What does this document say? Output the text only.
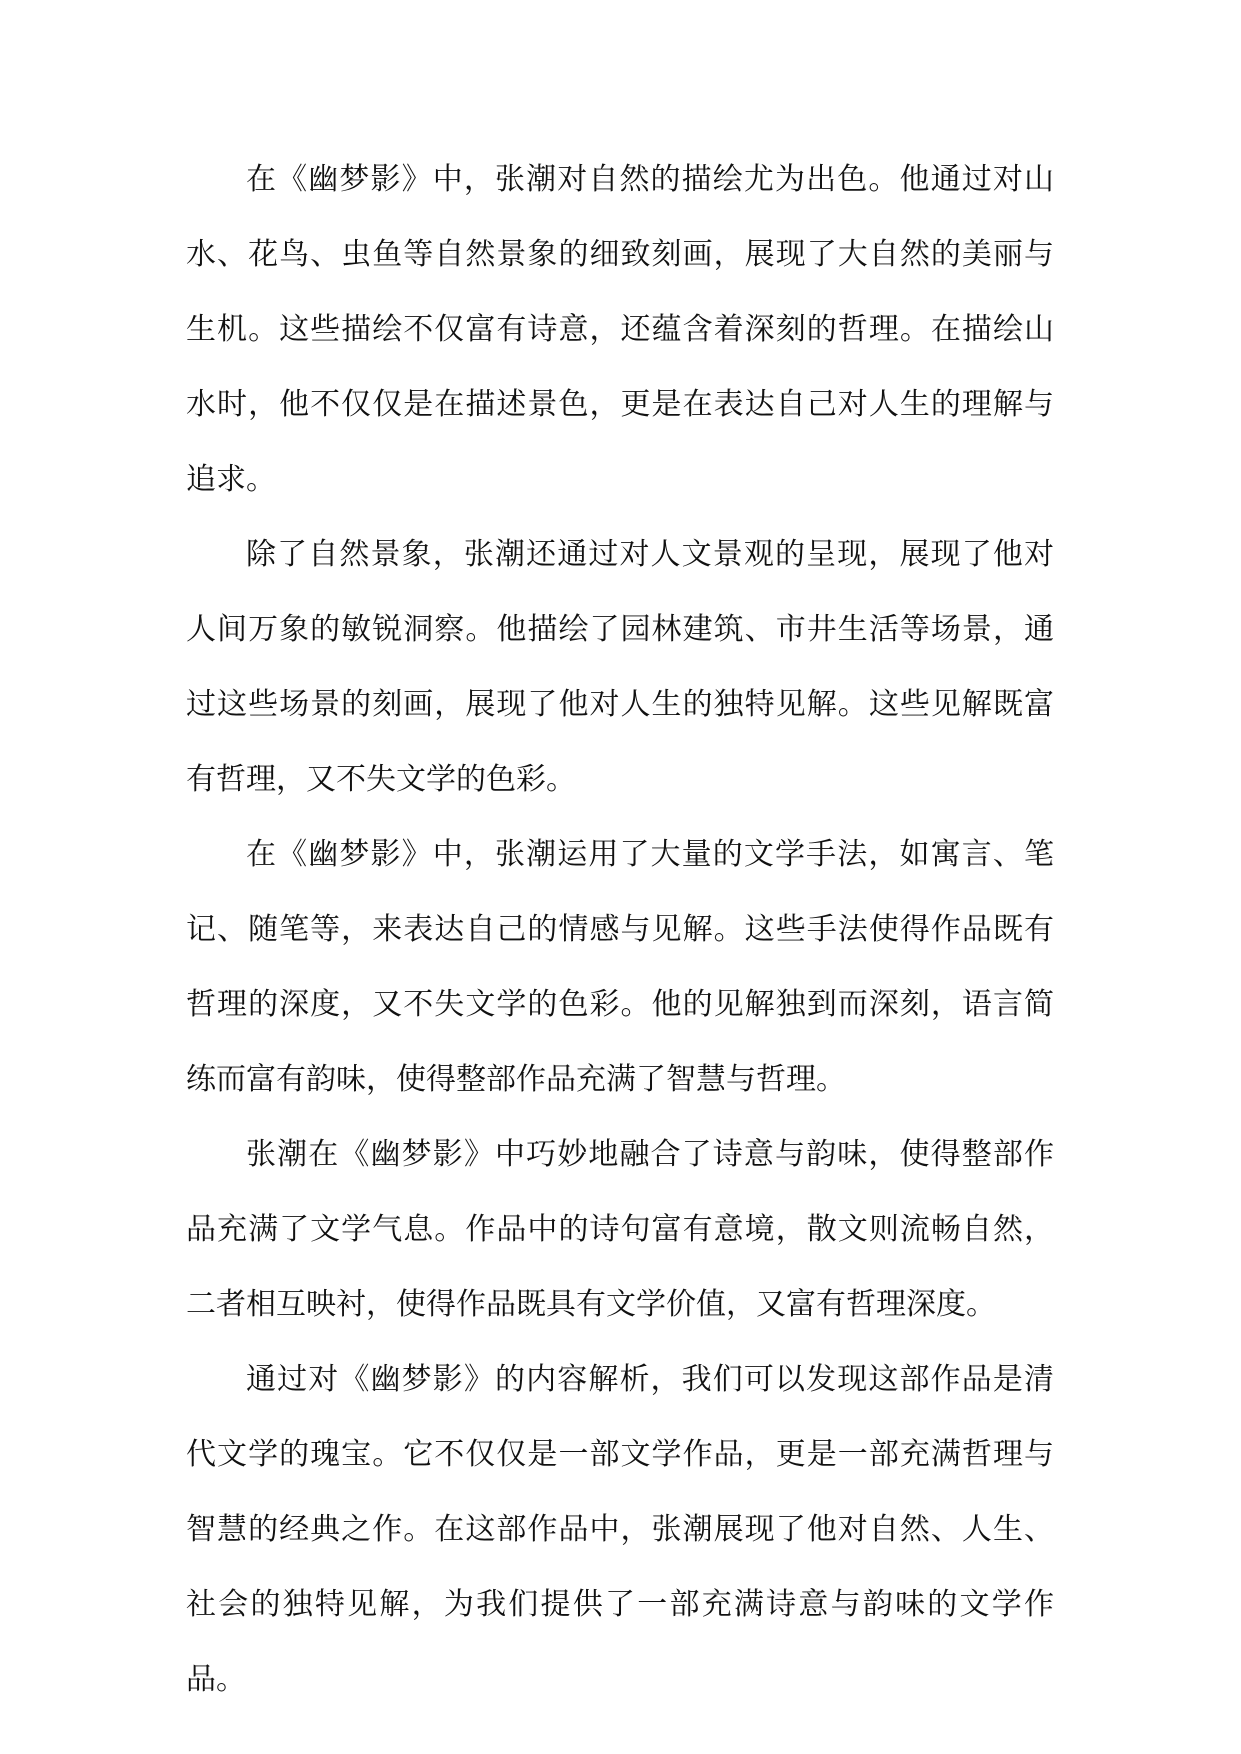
在《幽梦影》中，张潮对自然的描绘尤为出色。他通过对山水、花鸟、虫鱼等自然景象的细致刻画，展现了大自然的美丽与生机。这些描绘不仅富有诗意，还蕴含着深刻的哲理。在描绘山水时，他不仅仅是在描述景色，更是在表达自己对人生的理解与追求。

除了自然景象，张潮还通过对人文景观的呈现，展现了他对人间万象的敏锐洞察。他描绘了园林建筑、市井生活等场景，通过这些场景的刻画，展现了他对人生的独特见解。这些见解既富有哲理，又不失文学的色彩。

在《幽梦影》中，张潮运用了大量的文学手法，如寓言、笔记、随笔等，来表达自己的情感与见解。这些手法使得作品既有哲理的深度，又不失文学的色彩。他的见解独到而深刻，语言简练而富有韵味，使得整部作品充满了智慧与哲理。

张潮在《幽梦影》中巧妙地融合了诗意与韵味，使得整部作品充满了文学气息。作品中的诗句富有意境，散文则流畅自然，二者相互映衬，使得作品既具有文学价值，又富有哲理深度。

通过对《幽梦影》的内容解析，我们可以发现这部作品是清代文学的瑰宝。它不仅仅是一部文学作品，更是一部充满哲理与智慧的经典之作。在这部作品中，张潮展现了他对自然、人生、社会的独特见解，为我们提供了一部充满诗意与韵味的文学作品。
